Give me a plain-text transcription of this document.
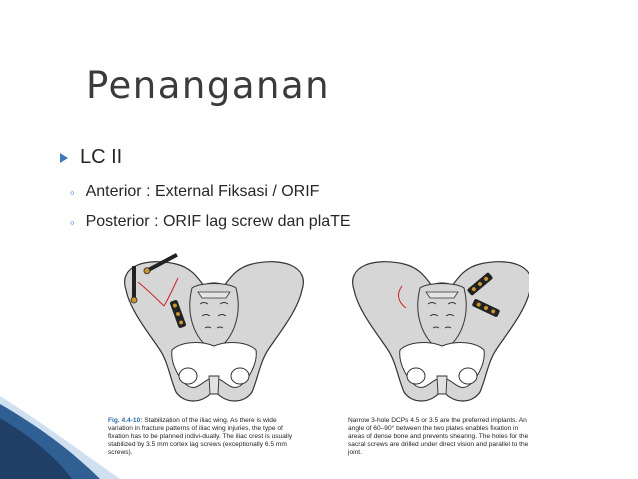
Penanganan
LC II
◦ Anterior : External Fiksasi / ORIF
◦ Posterior : ORIF lag screw dan plaTE
Fig. 4.4-10: Stabilization of the iliac wing. As there is wide variation in fracture patterns of iliac wing injuries, the type of fixation has to be planned indivi-dually. The iliac crest is usually stabilized by 3.5 mm cortex lag screws (exceptionally 6.5 mm screws).
Narrow 3-hole DCPs 4.5 or 3.5 are the preferred implants. An angle of 60–90° between the two plates enables fixation in areas of dense bone and prevents shearing. The holes for the sacral screws are drilled under direct vision and parallel to the joint.
